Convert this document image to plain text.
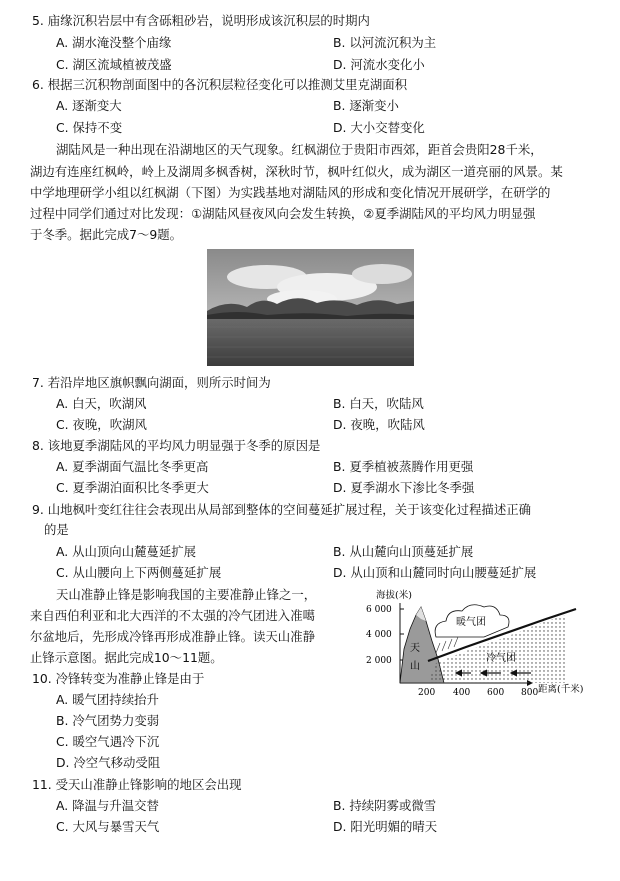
5. 庙缘沉积岩层中有含砾粗砂岩，说明形成该沉积层的时期内
A. 湖水淹没整个庙缘	B. 以河流沉积为主
C. 湖区流域植被茂盛	D. 河流水变化小
6. 根据三沉积物剖面图中的各沉积层粒径变化可以推测艾里克湖面积
A. 逐渐变大	B. 逐渐变小
C. 保持不变	D. 大小交替变化
湖陆风是一种出现在沿湖地区的天气现象。红枫湖位于贵阳市西郊，距首会贵阳28千米，
湖边有连座红枫岭，岭上及湖周多枫香树，深秋时节，枫叶红似火，成为湖区一道亮丽的风景。某
中学地理研学小组以红枫湖（下图）为实践基地对湖陆风的形成和变化情况开展研学，在研学的
过程中同学们通过对比发现：①湖陆风昼夜风向会发生转换，②夏季湖陆风的平均风力明显强
于冬季。据此完成7～9题。
7. 若沿岸地区旗帜飘向湖面，则所示时间为
A. 白天，吹湖风	B. 白天，吹陆风
C. 夜晚，吹湖风	D. 夜晚，吹陆风
8. 该地夏季湖陆风的平均风力明显强于冬季的原因是
A. 夏季湖面气温比冬季更高	B. 夏季植被蒸腾作用更强
C. 夏季湖泊面积比冬季更大	D. 夏季湖水下渗比冬季强
9. 山地枫叶变红往往会表现出从局部到整体的空间蔓延扩展过程，关于该变化过程描述正确
的是
A. 从山顶向山麓蔓延扩展	B. 从山麓向山顶蔓延扩展
C. 从山腰向上下两侧蔓延扩展	D. 从山顶和山麓同时向山腰蔓延扩展
天山准静止锋是影响我国的主要准静止锋之一，
来自西伯利亚和北大西洋的不太强的冷气团进入准噶
尔盆地后，先形成冷锋再形成准静止锋。读天山准静
止锋示意图。据此完成10～11题。
海拔(米)
6 000
4 000
2 000
200 400 600 800 距离(千米)
天
山
暖气团
冷气团
10. 冷锋转变为准静止锋是由于
A. 暖气团持续抬升
B. 冷气团势力变弱
C. 暖空气遇冷下沉
D. 冷空气移动受阻
11. 受天山准静止锋影响的地区会出现
A. 降温与升温交替	B. 持续阴雾或微雪
C. 大风与暴雪天气	D. 阳光明媚的晴天
